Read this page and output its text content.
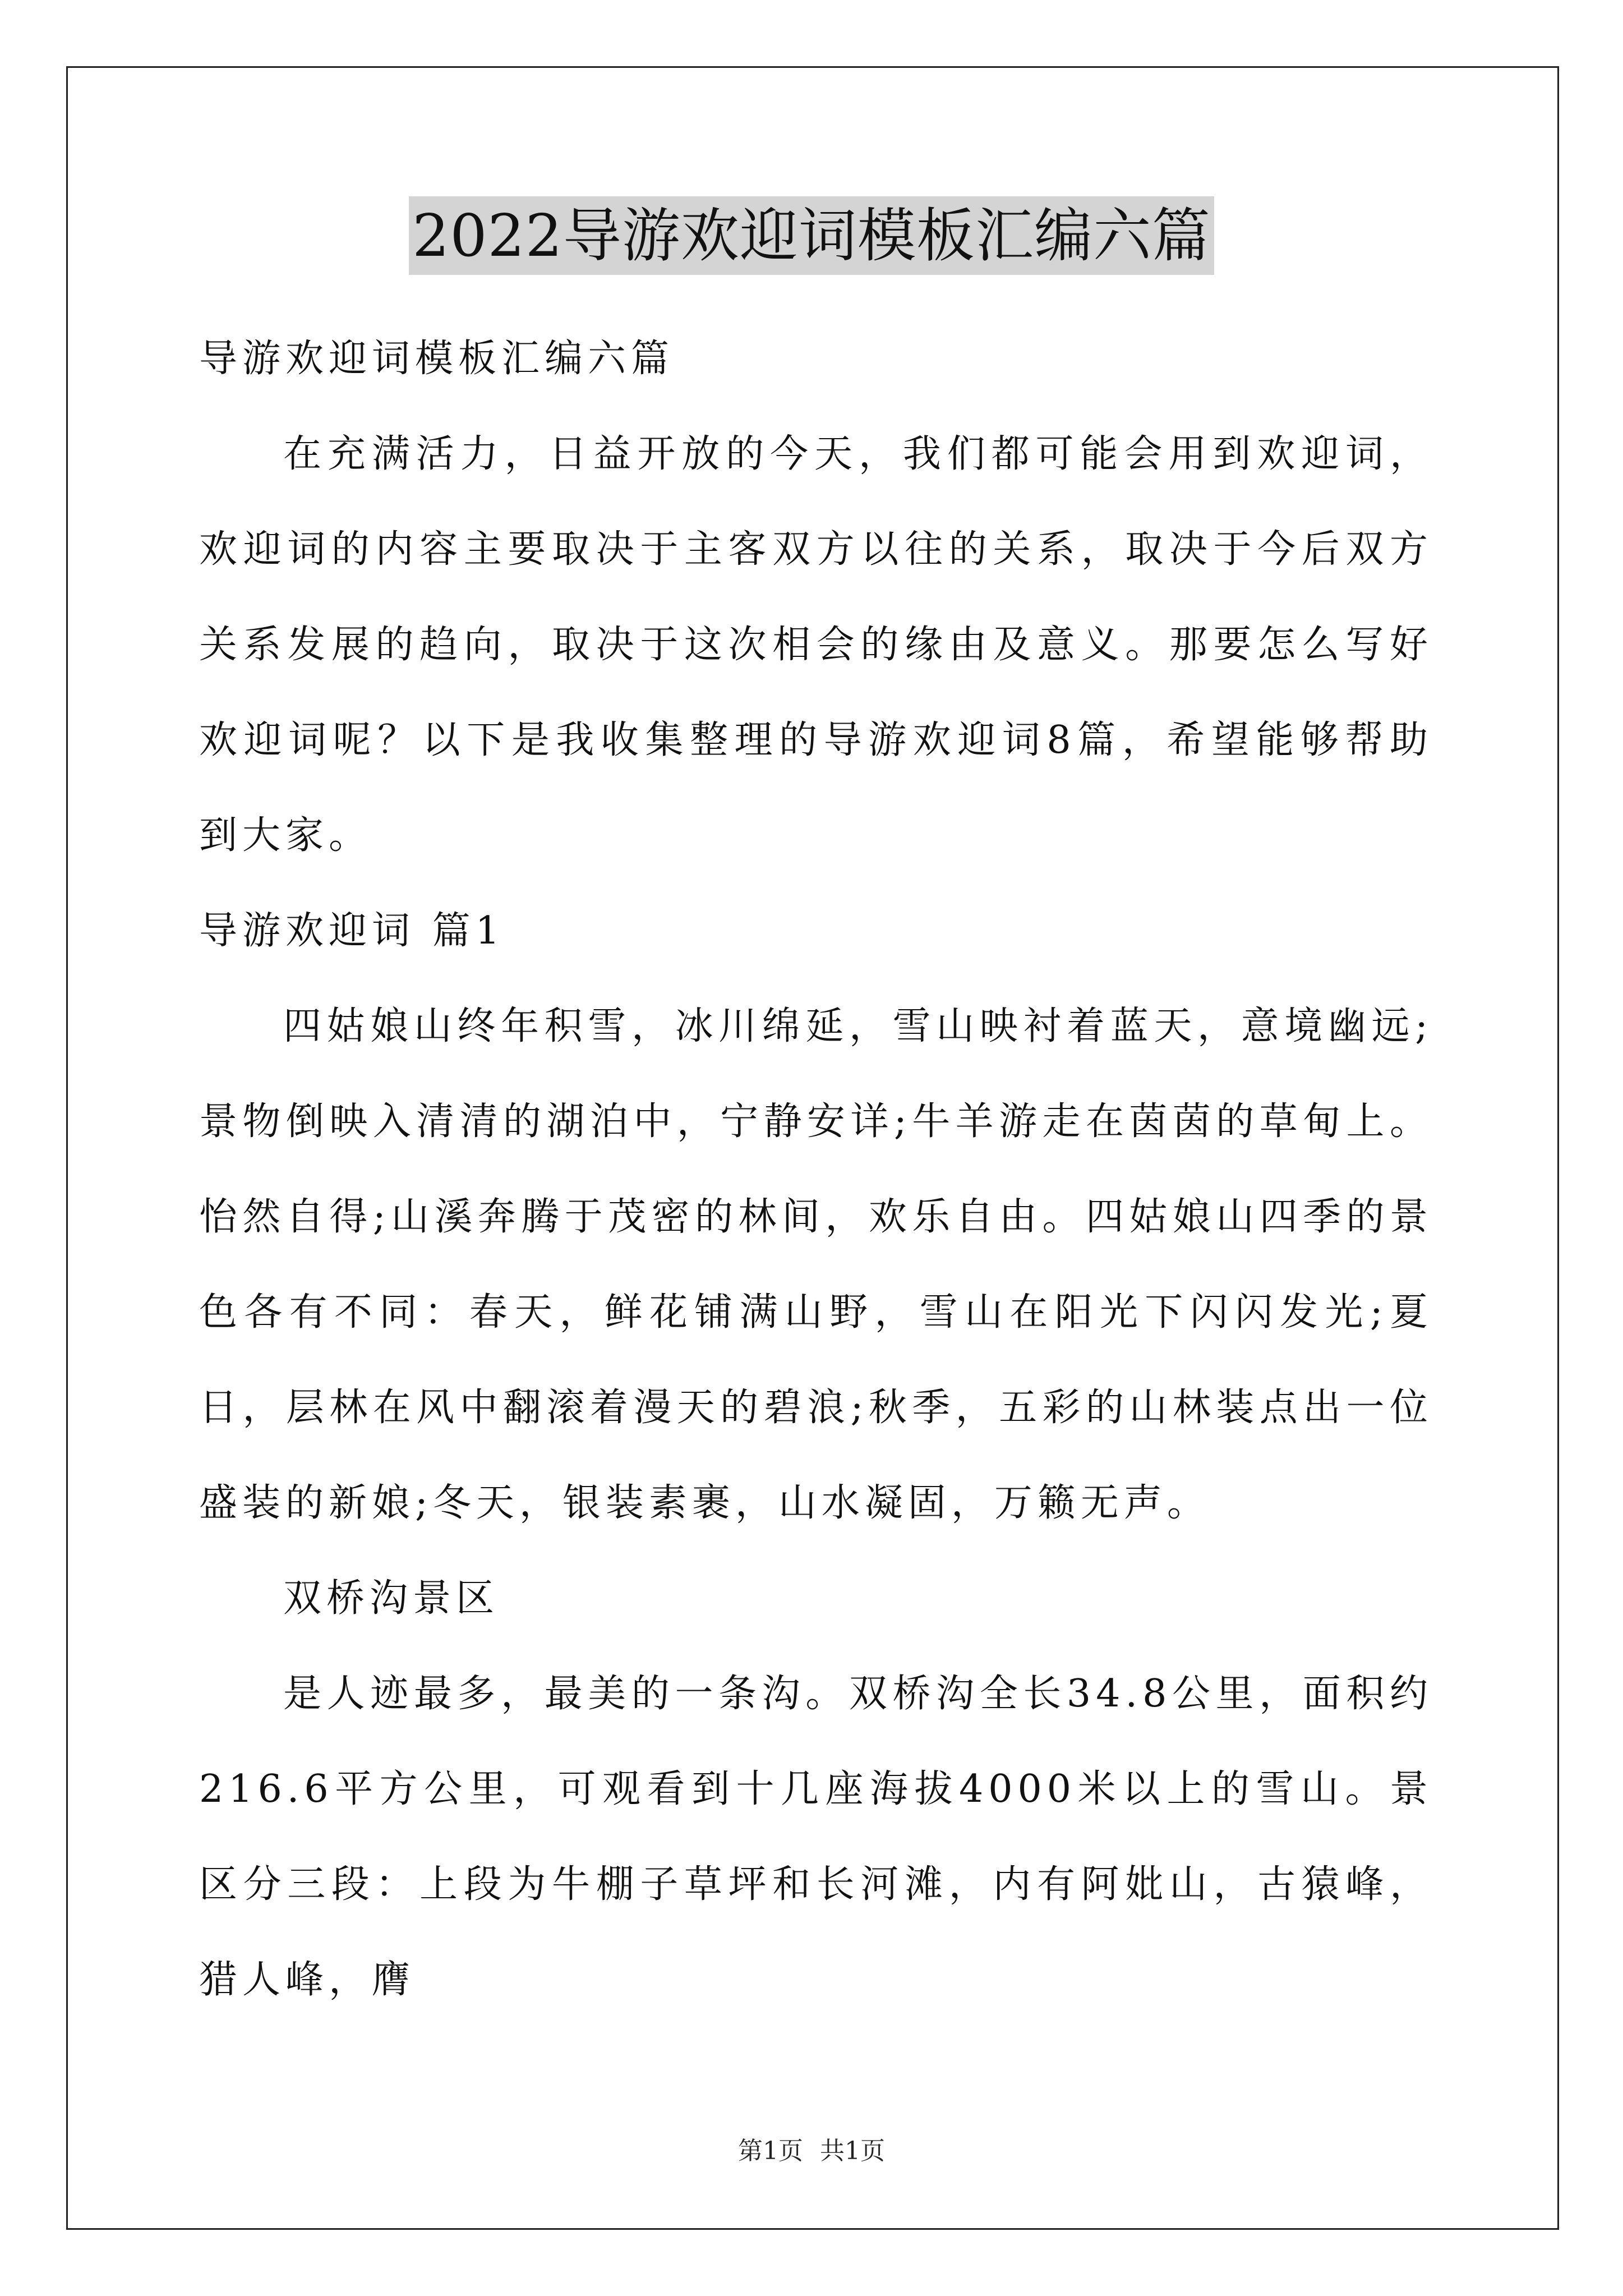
2022导游欢迎词模板汇编六篇

导游欢迎词模板汇编六篇

在充满活力，日益开放的今天，我们都可能会用到欢迎词，欢迎词的内容主要取决于主客双方以往的关系，取决于今后双方关系发展的趋向，取决于这次相会的缘由及意义。那要怎么写好欢迎词呢？以下是我收集整理的导游欢迎词8篇，希望能够帮助到大家。

导游欢迎词 篇1

四姑娘山终年积雪，冰川绵延，雪山映衬着蓝天，意境幽远;景物倒映入清清的湖泊中，宁静安详;牛羊游走在茵茵的草甸上。怡然自得;山溪奔腾于茂密的林间，欢乐自由。四姑娘山四季的景色各有不同：春天，鲜花铺满山野，雪山在阳光下闪闪发光;夏日，层林在风中翻滚着漫天的碧浪;秋季，五彩的山林装点出一位盛装的新娘;冬天，银装素裹，山水凝固，万籁无声。

双桥沟景区

是人迹最多，最美的一条沟。双桥沟全长34.8公里，面积约216.6平方公里，可观看到十几座海拔4000米以上的雪山。景区分三段：上段为牛棚子草坪和长河滩，内有阿妣山，古猿峰，猎人峰，膺

第1页 共1页
